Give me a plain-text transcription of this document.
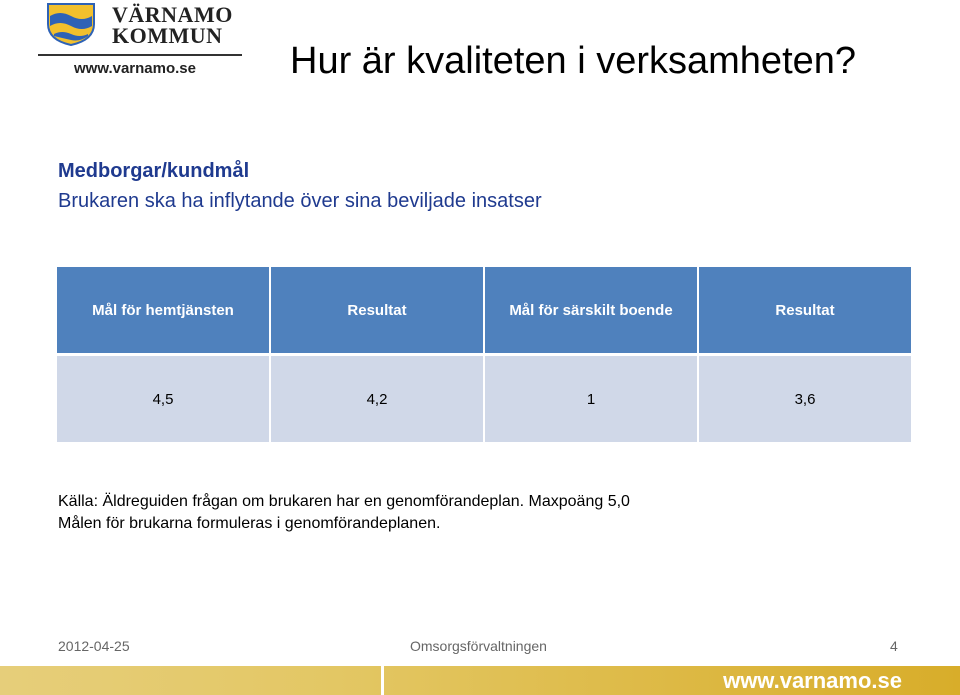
VÄRNAMO
KOMMUN
www.varnamo.se Hur är kvaliteten i verksamheten?
Medborgar/kundmål
Brukaren ska ha inflytande över sina beviljade insatser
Mål för hemtjänsten	Resultat	Mål för särskilt boende	Resultat
4,5	4,2	1	3,6
Källa: Äldreguiden frågan om brukaren har en genomförandeplan. Maxpoäng 5,0
Målen för brukarna formuleras i genomförandeplanen.
2012-04-25	Omsorgsförvaltningen	4
www.varnamo.se
